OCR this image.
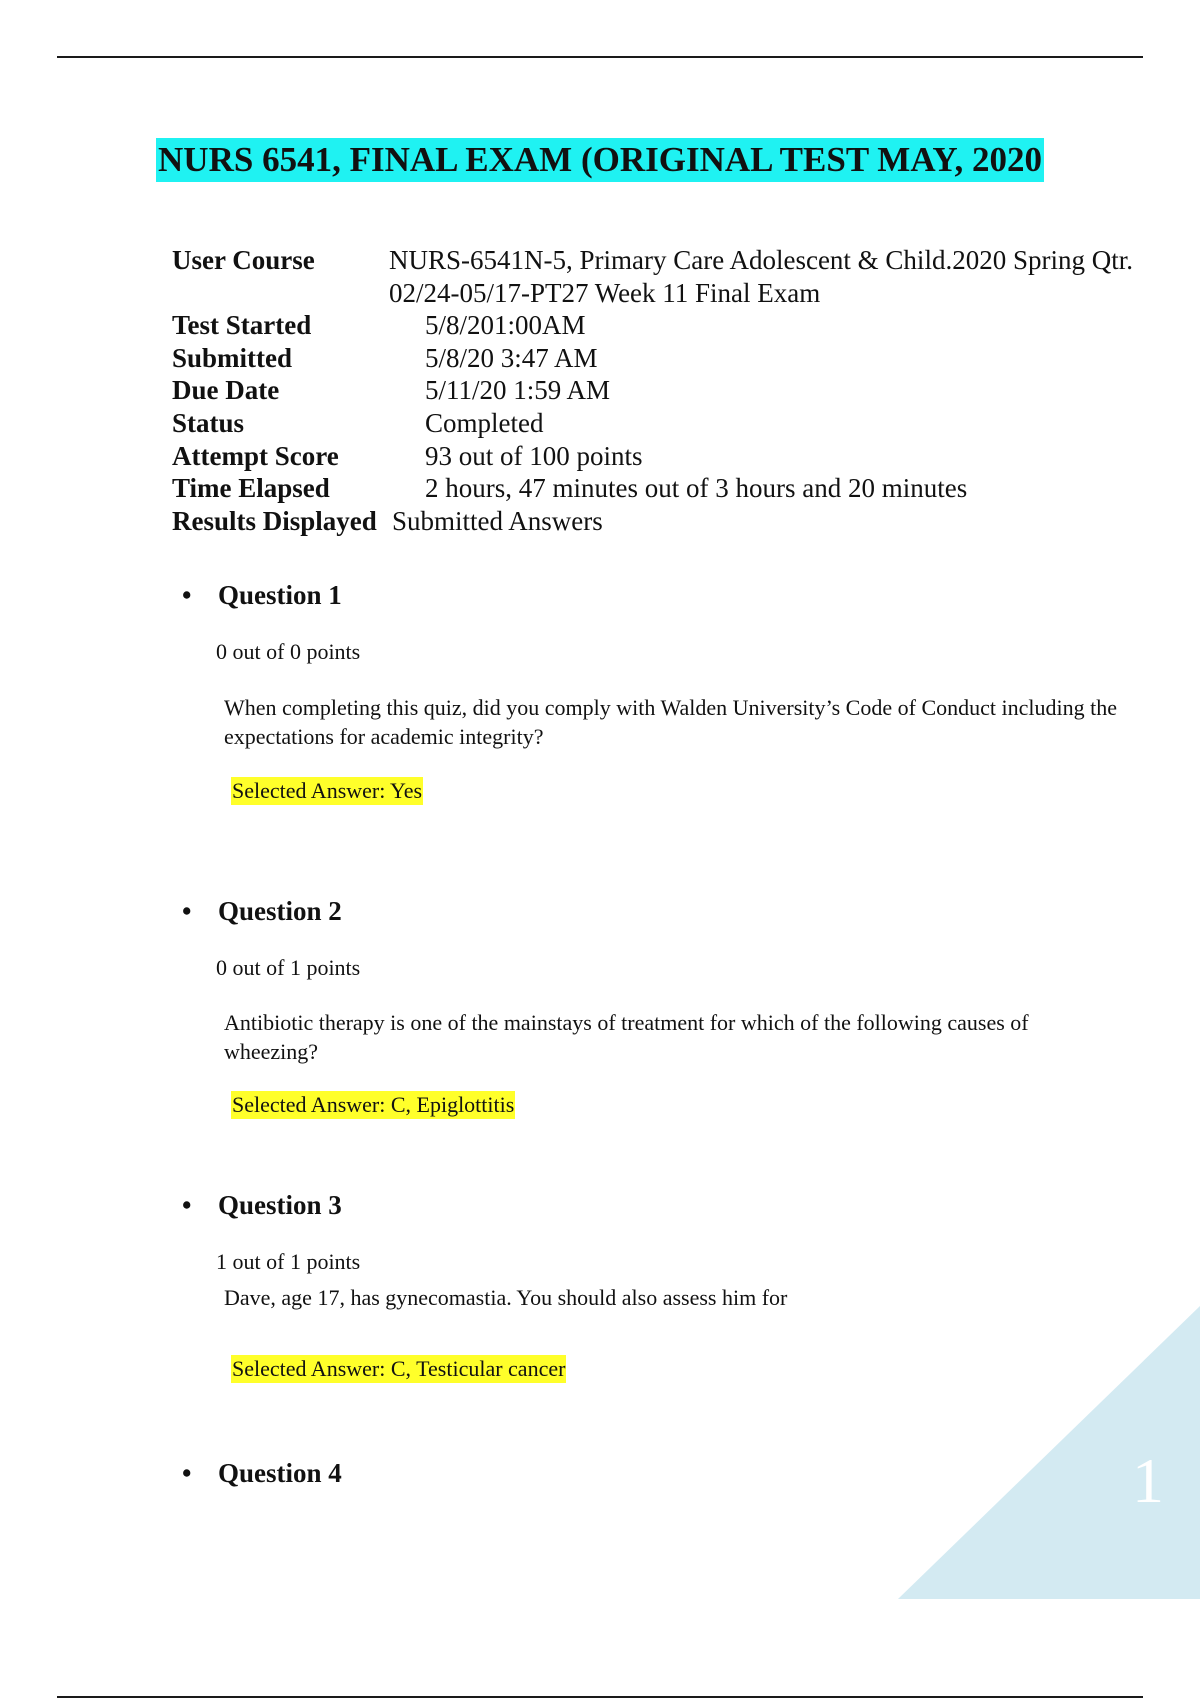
NURS 6541, FINAL EXAM (ORIGINAL TEST MAY, 2020
User Course	NURS-6541N-5, Primary Care Adolescent & Child.2020 Spring Qtr. 02/24-05/17-PT27 Week 11 Final Exam
Test Started	5/8/201:00AM
Submitted	5/8/20 3:47 AM
Due Date	5/11/20 1:59 AM
Status	Completed
Attempt Score	93 out of 100 points
Time Elapsed	2 hours, 47 minutes out of 3 hours and 20 minutes
Results Displayed Submitted Answers
• Question 1
0 out of 0 points
When completing this quiz, did you comply with Walden University’s Code of Conduct including the expectations for academic integrity?
Selected Answer: Yes
• Question 2
0 out of 1 points
Antibiotic therapy is one of the mainstays of treatment for which of the following causes of wheezing?
Selected Answer: C, Epiglottitis
• Question 3
1 out of 1 points
Dave, age 17, has gynecomastia. You should also assess him for
Selected Answer: C, Testicular cancer
• Question 4	1
